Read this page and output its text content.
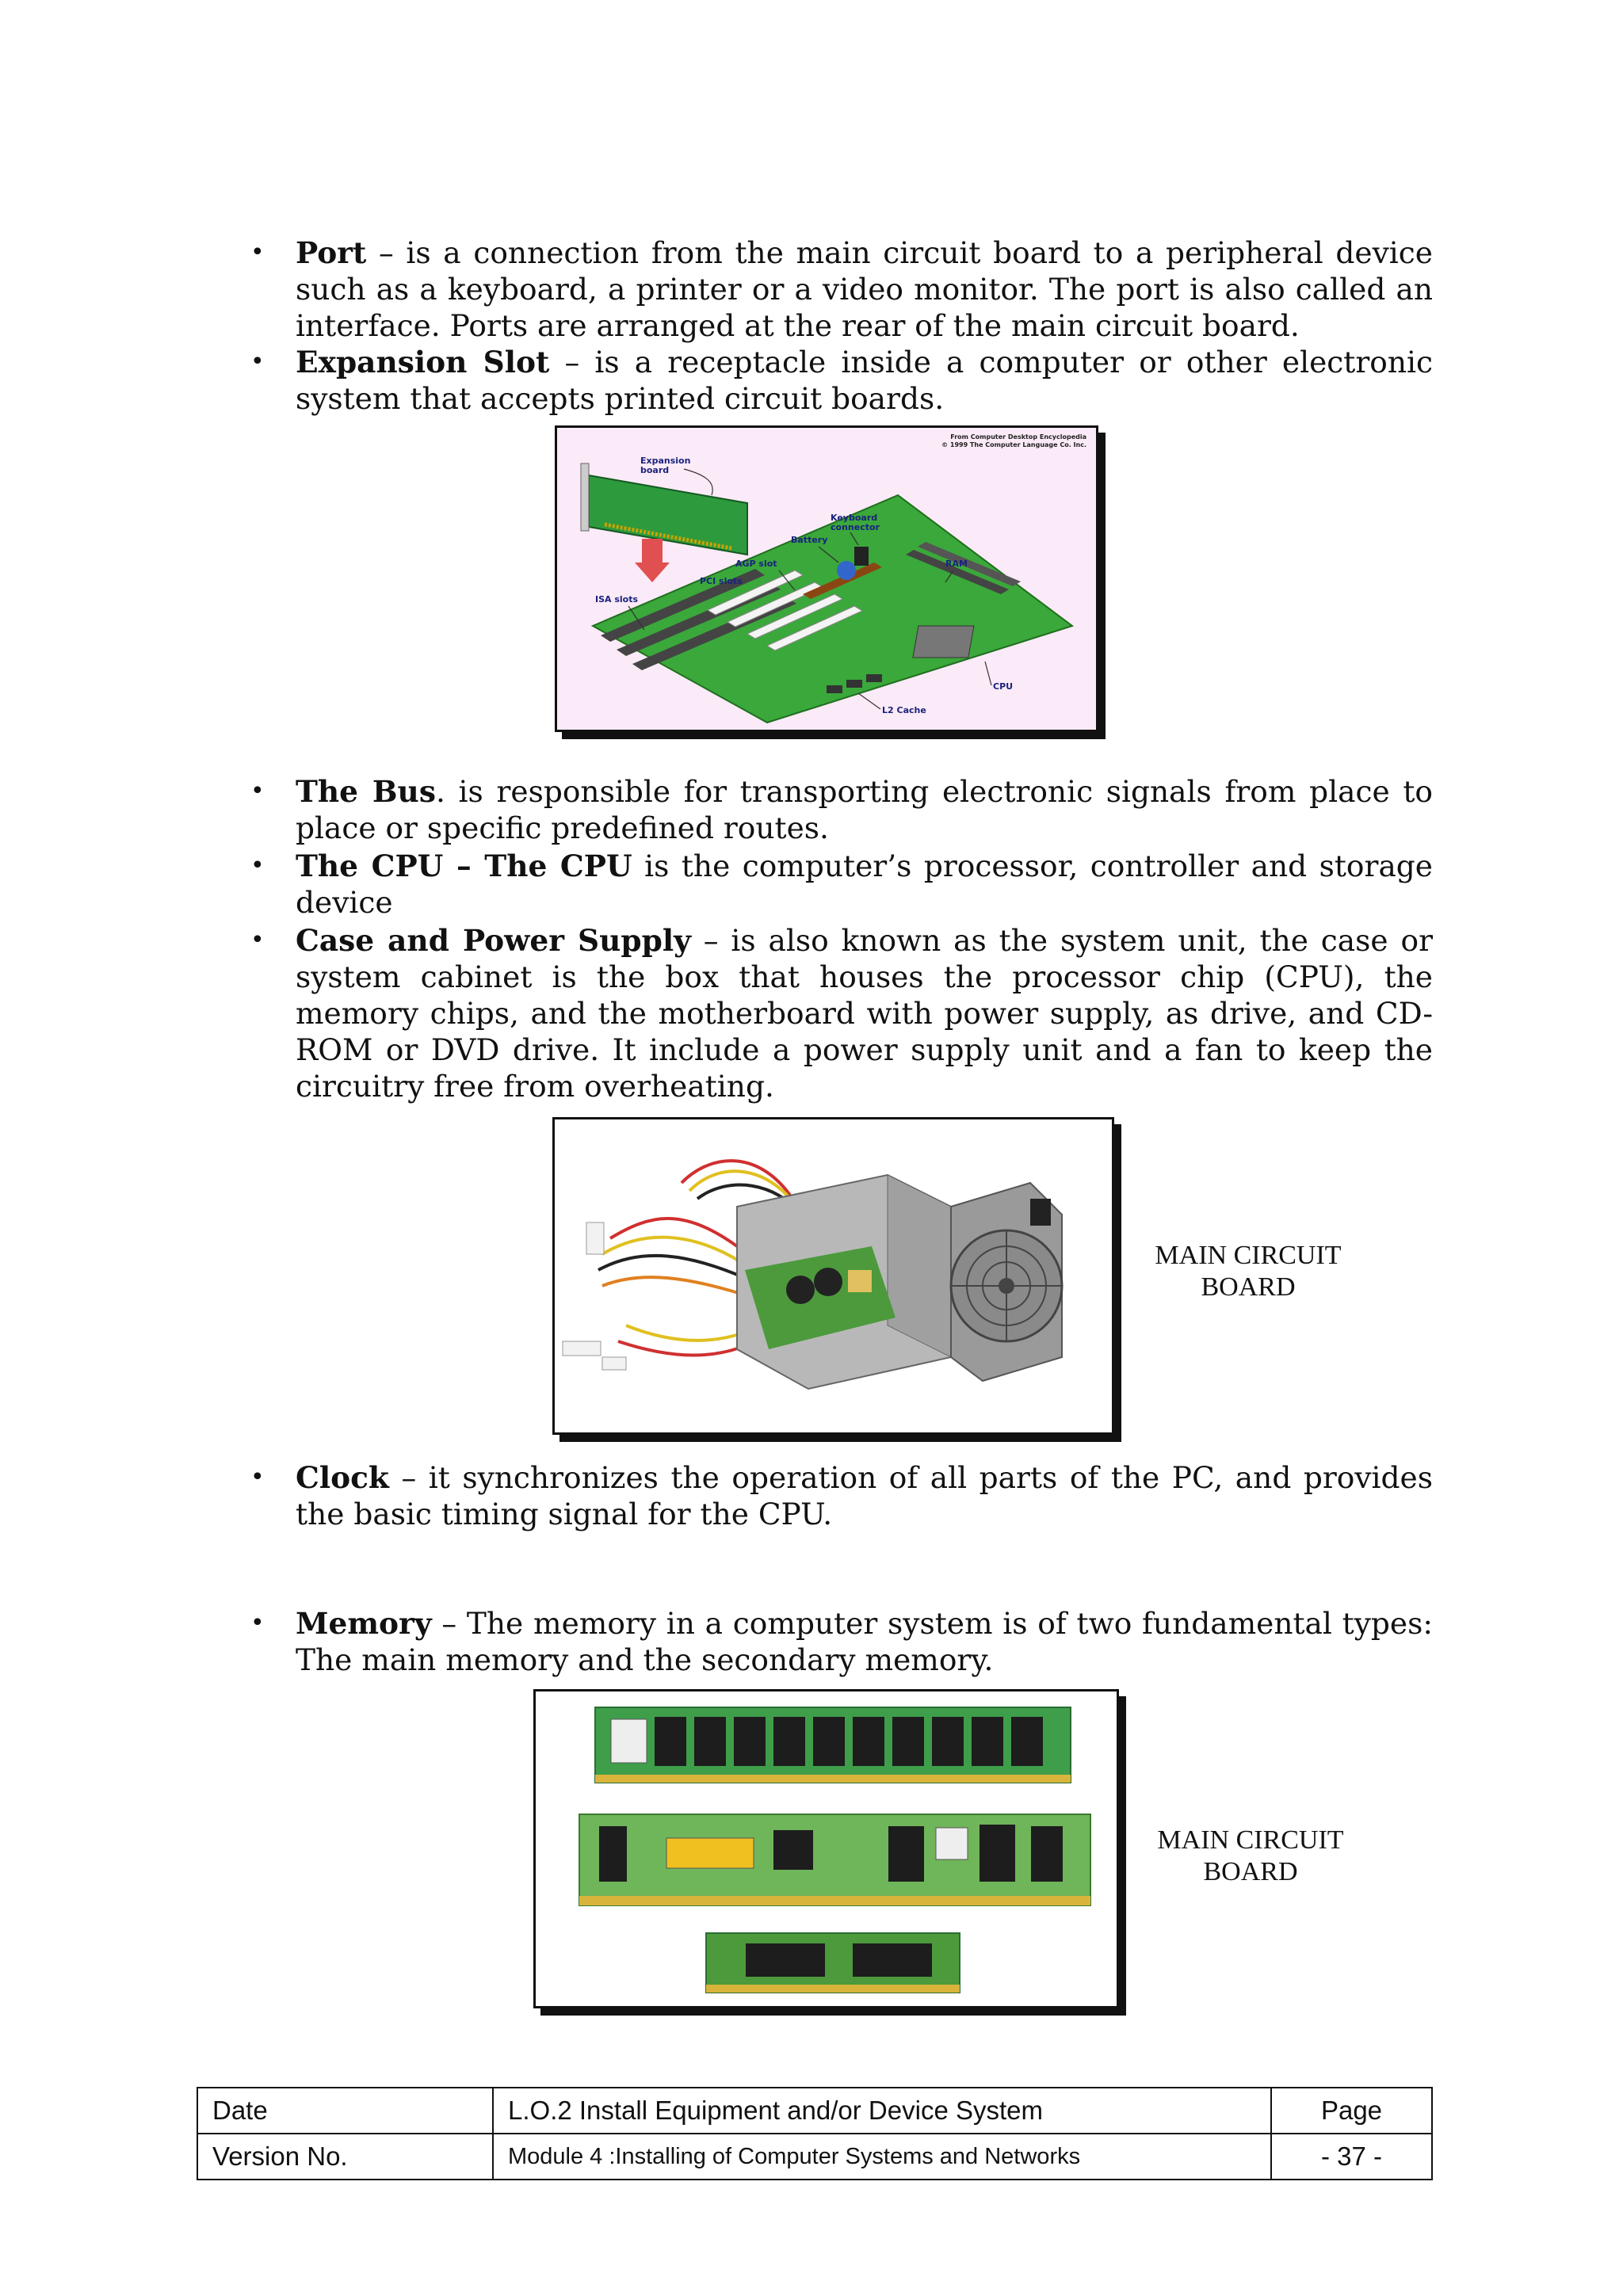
•
Port – is a connection from the main circuit board to a peripheral device such as a keyboard, a printer or a video monitor. The port is also called an interface. Ports are arranged at the rear of the main circuit board.
•
Expansion Slot – is a receptacle inside a computer or other electronic system that accepts printed circuit boards.
From Computer Desktop Encyclopedia
© 1999 The Computer Language Co. Inc.
Expansion
board
Keyboard
connector
Battery
AGP slot	RAM
PCI slots
ISA slots
CPU
L2 Cache
•
The Bus. is responsible for transporting electronic signals from place to place or specific predefined routes.
•
The CPU – The CPU is the computer’s processor, controller and storage device
•
Case and Power Supply – is also known as the system unit, the case or system cabinet is the box that houses the processor chip (CPU), the memory chips, and the motherboard with power supply, as drive, and CD-ROM or DVD drive. It include a power supply unit and a fan to keep the circuitry free from overheating.
MAIN CIRCUIT
BOARD
•
Clock – it synchronizes the operation of all parts of the PC, and provides the basic timing signal for the CPU.
•
Memory – The memory in a computer system is of two fundamental types: The main memory and the secondary memory.
MAIN CIRCUIT
BOARD
Date	L.O.2 Install Equipment and/or Device System	Page
Version No.	Module 4 :Installing of Computer Systems and Networks	- 37 -
